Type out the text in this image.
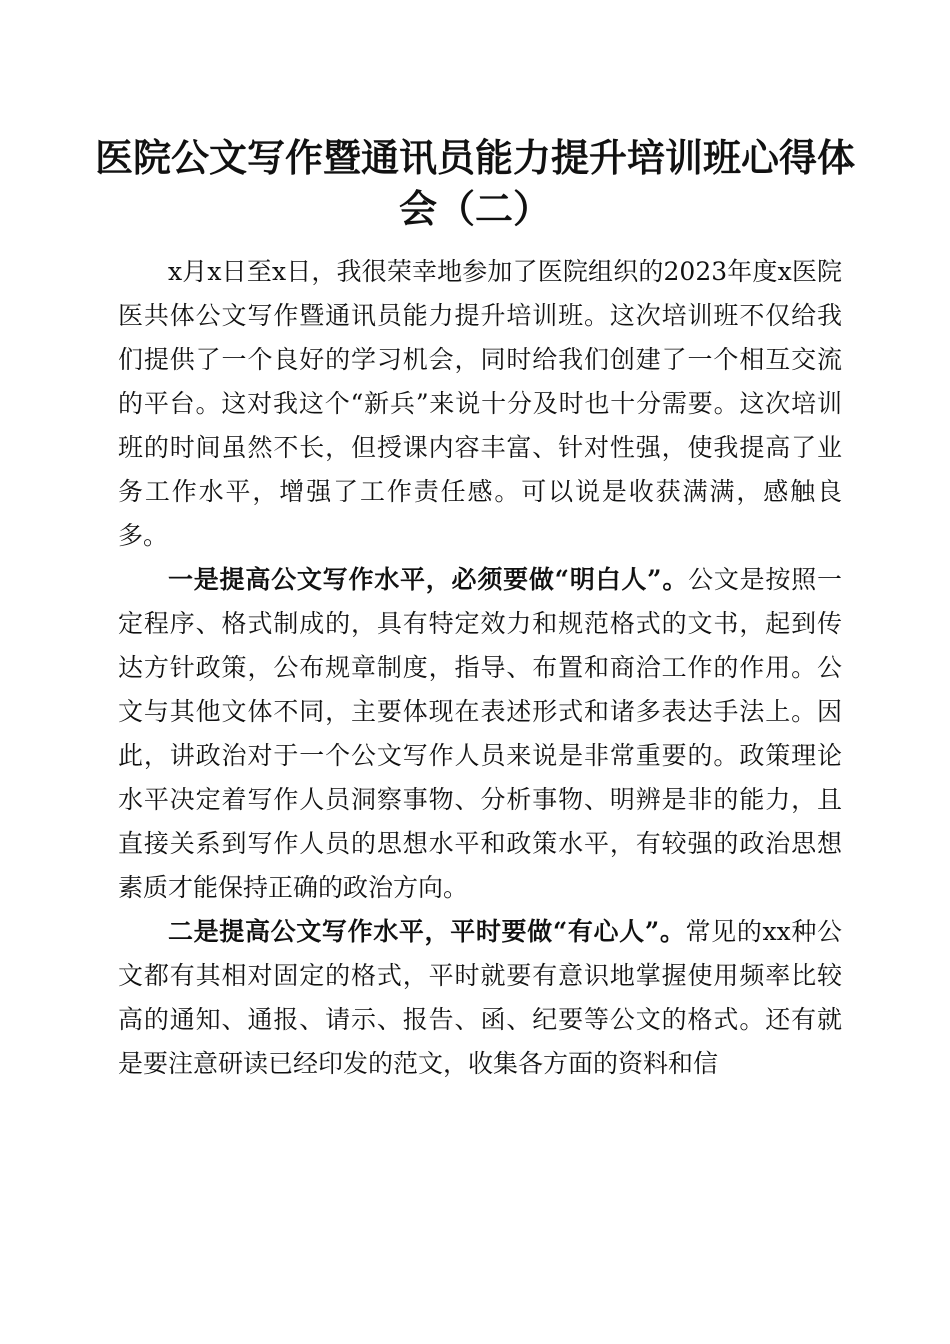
医院公文写作暨通讯员能力提升培训班心得体会（二）

x月x日至x日，我很荣幸地参加了医院组织的2023年度x医院医共体公文写作暨通讯员能力提升培训班。这次培训班不仅给我们提供了一个良好的学习机会，同时给我们创建了一个相互交流的平台。这对我这个“新兵”来说十分及时也十分需要。这次培训班的时间虽然不长，但授课内容丰富、针对性强，使我提高了业务工作水平，增强了工作责任感。可以说是收获满满，感触良多。

一是提高公文写作水平，必须要做“明白人”。公文是按照一定程序、格式制成的，具有特定效力和规范格式的文书，起到传达方针政策，公布规章制度，指导、布置和商洽工作的作用。公文与其他文体不同，主要体现在表述形式和诸多表达手法上。因此，讲政治对于一个公文写作人员来说是非常重要的。政策理论水平决定着写作人员洞察事物、分析事物、明辨是非的能力，且直接关系到写作人员的思想水平和政策水平，有较强的政治思想素质才能保持正确的政治方向。

二是提高公文写作水平，平时要做“有心人”。常见的xx种公文都有其相对固定的格式，平时就要有意识地掌握使用频率比较高的通知、通报、请示、报告、函、纪要等公文的格式。还有就是要注意研读已经印发的范文，收集各方面的资料和信
